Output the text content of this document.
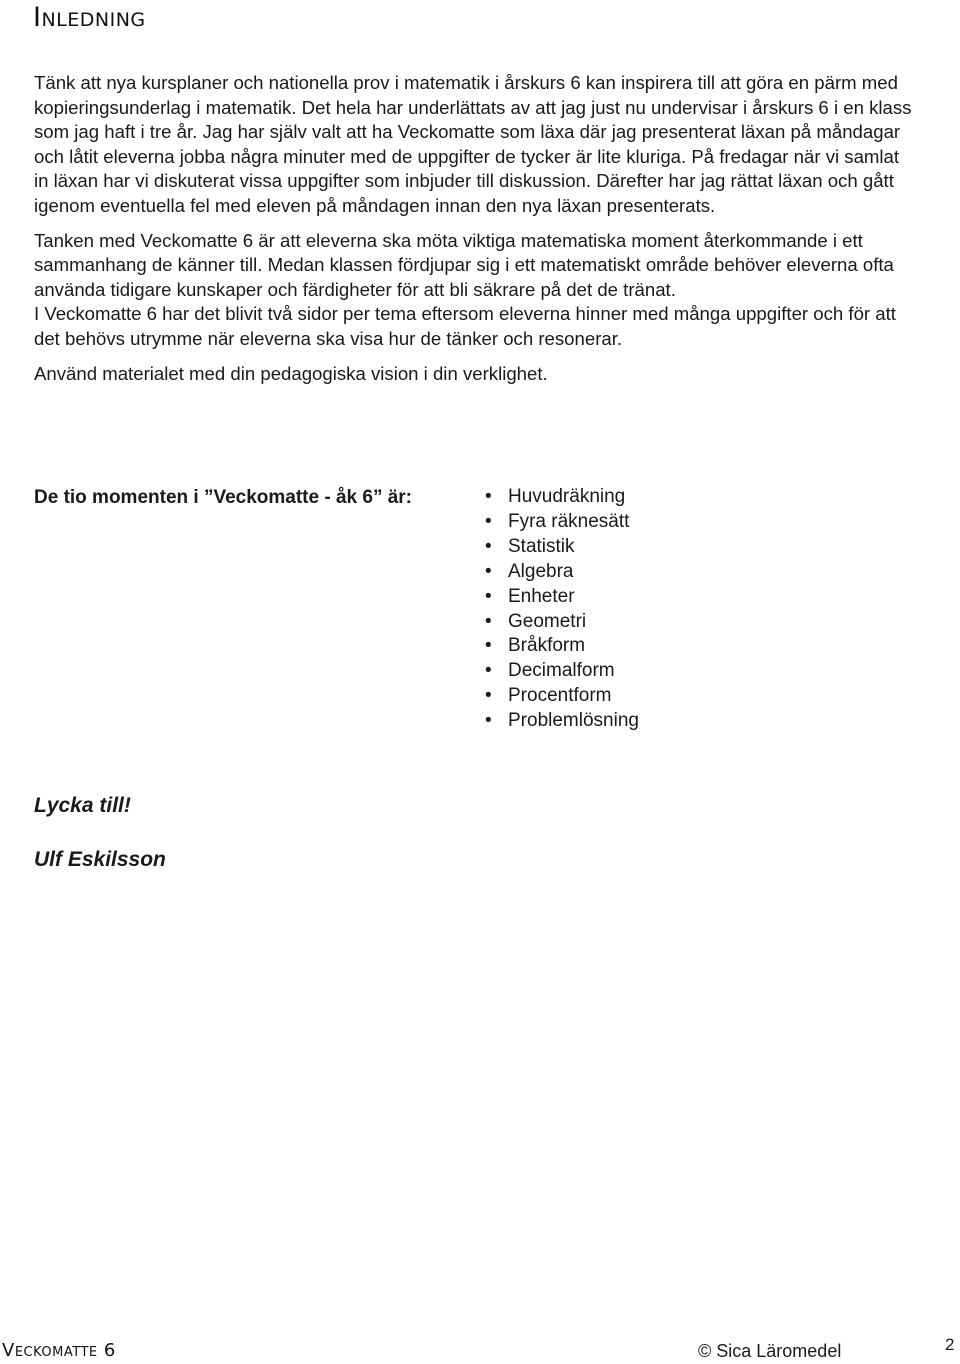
Inledning

Tänk att nya kursplaner och nationella prov i matematik i årskurs 6 kan inspirera till att göra en pärm med kopieringsunderlag i matematik. Det hela har underlättats av att jag just nu undervisar i årskurs 6 i en klass som jag haft i tre år. Jag har själv valt att ha Veckomatte som läxa där jag presenterat läxan på måndagar och låtit eleverna jobba några minuter med de uppgifter de tycker är lite kluriga. På fredagar när vi samlat in läxan har vi diskuterat vissa uppgifter som inbjuder till diskussion. Därefter har jag rättat läxan och gått igenom eventuella fel med eleven på måndagen innan den nya läxan presenterats.

Tanken med Veckomatte 6 är att eleverna ska möta viktiga matematiska moment återkommande i ett sammanhang de känner till. Medan klassen fördjupar sig i ett matematiskt område behöver eleverna ofta använda tidigare kunskaper och färdigheter för att bli säkrare på det de tränat.

I Veckomatte 6 har det blivit två sidor per tema eftersom eleverna hinner med många uppgifter och för att det behövs utrymme när eleverna ska visa hur de tänker och resonerar.

Använd materialet med din pedagogiska vision i din verklighet.

De tio momenten i ”Veckomatte - åk 6” är:	• Huvudräkning
• Fyra räknesätt
• Statistik
• Algebra
• Enheter
• Geometri
• Bråkform
• Decimalform
• Procentform
• Problemlösning

Lycka till!

Ulf Eskilsson

Veckomatte 6	© Sica Läromedel	2
